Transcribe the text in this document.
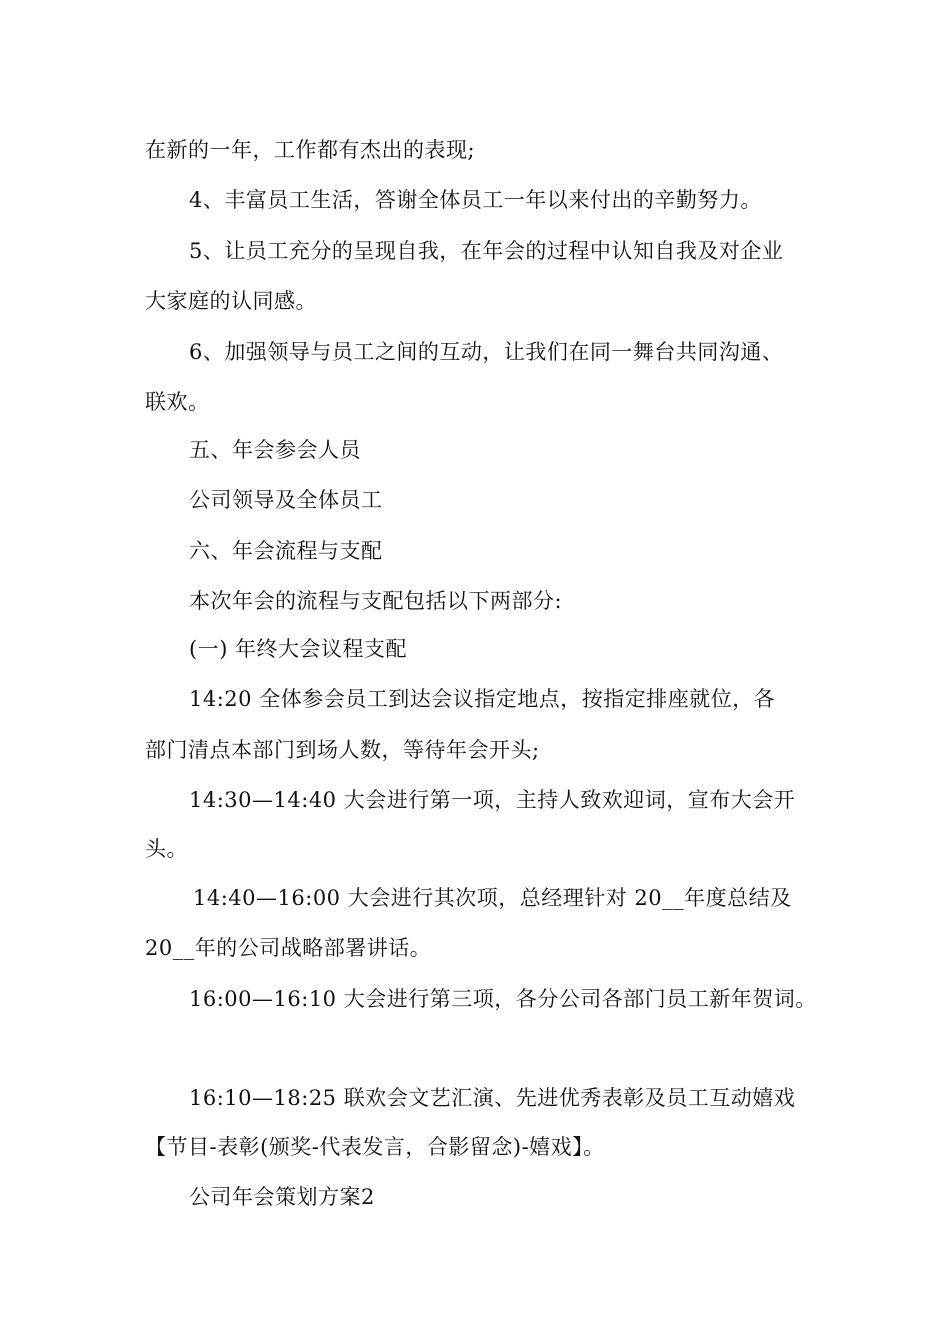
在新的一年，工作都有杰出的表现;
4、丰富员工生活，答谢全体员工一年以来付出的辛勤努力。
5、让员工充分的呈现自我，在年会的过程中认知自我及对企业
大家庭的认同感。
6、加强领导与员工之间的互动，让我们在同一舞台共同沟通、
联欢。
五、年会参会人员
公司领导及全体员工
六、年会流程与支配
本次年会的流程与支配包括以下两部分:
(一) 年终大会议程支配
14:20 全体参会员工到达会议指定地点，按指定排座就位，各
部门清点本部门到场人数，等待年会开头;
14:30—14:40 大会进行第一项，主持人致欢迎词，宣布大会开
头。
14:40—16:00 大会进行其次项，总经理针对 20__年度总结及
20__年的公司战略部署讲话。
16:00—16:10 大会进行第三项，各分公司各部门员工新年贺词。
16:10—18:25 联欢会文艺汇演、先进优秀表彰及员工互动嬉戏
【节目-表彰(颁奖-代表发言，合影留念)-嬉戏】。
公司年会策划方案2
